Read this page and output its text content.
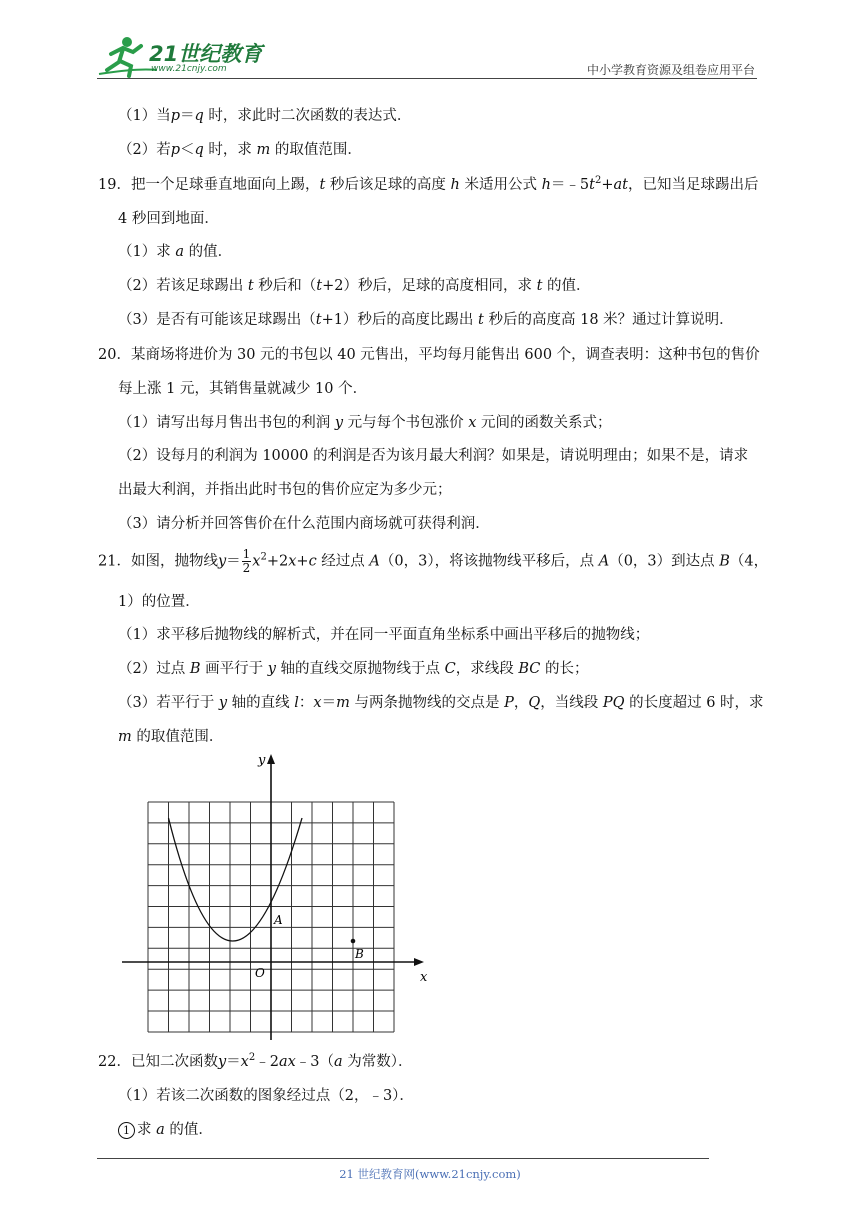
21世纪教育
www.21cnjy.com	中小学教育资源及组卷应用平台
（1）当p＝q 时，求此时二次函数的表达式．
（2）若p＜q 时，求 m 的取值范围．
19．把一个足球垂直地面向上踢，t 秒后该足球的高度 h 米适用公式 $h=﹣5t^2+at$，已知当足球踢出后
4 秒回到地面．
（1）求 a 的值．
（2）若该足球踢出 t 秒后和（t+2）秒后，足球的高度相同，求 t 的值．
（3）是否有可能该足球踢出（t+1）秒后的高度比踢出 t 秒后的高度高 18 米？通过计算说明．
20．某商场将进价为 30 元的书包以 40 元售出，平均每月能售出 600 个，调查表明：这种书包的售价
每上涨 1 元，其销售量就减少 10 个．
（1）请写出每月售出书包的利润 y 元与每个书包涨价 x 元间的函数关系式；
（2）设每月的利润为 10000 的利润是否为该月最大利润？如果是，请说明理由；如果不是，请求
出最大利润，并指出此时书包的售价应定为多少元；
（3）请分析并回答售价在什么范围内商场就可获得利润．
21．如图，抛物线$y= \frac{1}{2} x^2+2x+c$ 经过点 A（0，3），将该抛物线平移后，点 A（0，3）到达点 B（4，
1）的位置．
（1）求平移后抛物线的解析式，并在同一平面直角坐标系中画出平移后的抛物线；
（2）过点 B 画平行于 y 轴的直线交原抛物线于点 C，求线段 BC 的长；
（3）若平行于 y 轴的直线 l：x＝m 与两条抛物线的交点是 P，Q，当线段 PQ 的长度超过 6 时，求
m 的取值范围．
y
x
O
A
B
22．已知二次函数$y=x^2﹣2ax﹣3(a$ 为常数）．
（1）若该二次函数的图象经过点（2，﹣3）．
1 求 a 的值．
21 世纪教育网(www.21cnjy.com)
